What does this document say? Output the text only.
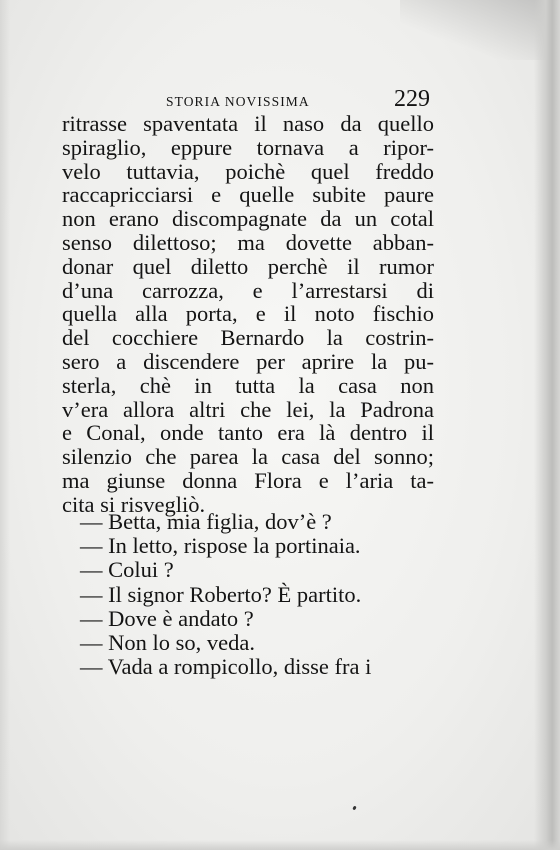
STORIA NOVISSIMA	229
ritrasse spaventata il naso da quello
spiraglio, eppure tornava a ripor-
velo tuttavia, poichè quel freddo
raccapricciarsi e quelle subite paure
non erano discompagnate da un cotal
senso dilettoso; ma dovette abban-
donar quel diletto perchè il rumor
d’una carrozza, e l’arrestarsi di
quella alla porta, e il noto fischio
del cocchiere Bernardo la costrin-
sero a discendere per aprire la pu-
sterla, chè in tutta la casa non
v’era allora altri che lei, la Padrona
e Conal, onde tanto era là dentro il
silenzio che parea la casa del sonno;
ma giunse donna Flora e l’aria ta-
cita si risvegliò.
— Betta, mia figlia, dov’è ?
— In letto, rispose la portinaia.
— Colui ?
— Il signor Roberto? È partito.
— Dove è andato ?
— Non lo so, veda.
— Vada a rompicollo, disse fra i
